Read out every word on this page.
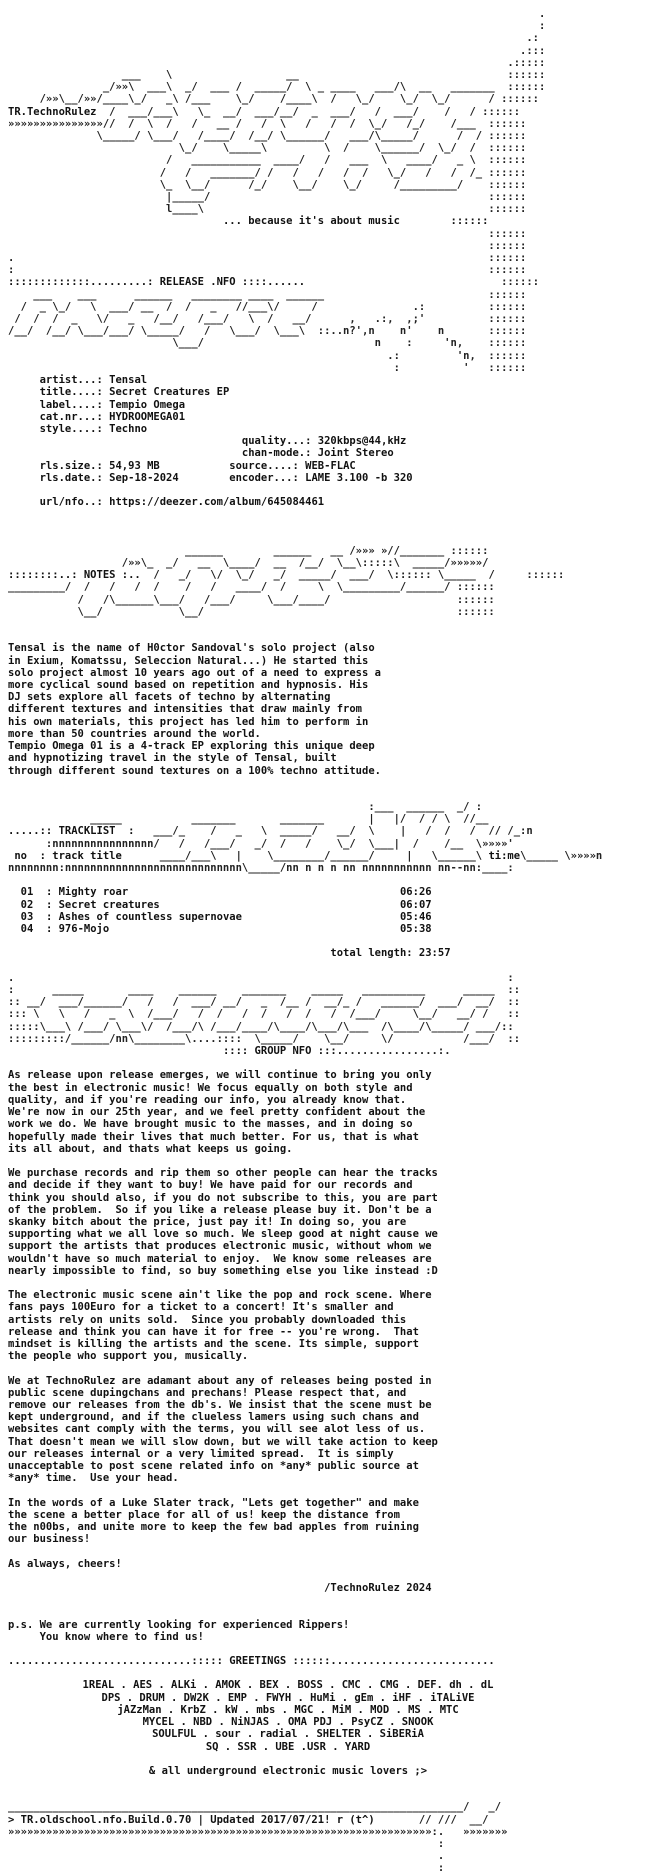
.
:
.:
.:::
.:::::
___    \                  __                                 ::::::
_/»»\  ___\  _/  ___ /  _____/  \ _ ____   ___/\  __   _______  ::::::
/»»\__/»»/____\_/   _\ /___    \_/    /____\  /   \_/    \_/  \_/      / ::::::
TR.TechnoRulez  /  ___/___\   \_  __/  ___/__/  _  ___/   /  ___/    /   / ::::::
»»»»»»»»»»»»»»»//  /  \  /   /   __ /   /  \   /   /  /  \_/   /_/    /___  ::::::
\_____/ \___/   /____/  /__/ \______/   ___/\_____/      /  / ::::::
\_/    \_____\         \  /    \______/  \_/  /  ::::::
/   ___________  ____/   /   ___  \   ____/   _ \  ::::::
/   /   _______/ /   /   /   /  /   \_/   /   /  /_ ::::::
\_  \__/      /_/    \__/    \_/     /_________/    ::::::
|_____/                                            ::::::
l____\                                             ::::::
... because it's about music        ::::::
::::::
::::::
.                                                                           ::::::
:                                                                           ::::::
:::::::::::::.........: RELEASE .NFO ::::......                               ::::::
___    ___      ______   ________ ____  ______                          ::::::
/  _ \_/   \  ___/ __  /  /   _   //___\/     /               .:          ::::::
/  /  /  _   \/   _   /__/   /___/   \  /   __/      ,   .:,  ,;'          ::::::
/__/  /__/ \___/___/ \_____/   /   \___/  \___\  ::..n?',n    n'    n       ::::::
\___/                           n    :     'n,    ::::::
.:         'n,  ::::::
:          '   ::::::
artist...: Tensal
title....: Secret Creatures EP
label....: Tempio Omega
cat.nr...: HYDROOMEGA01
style....: Techno
quality...: 320kbps@44,kHz
chan-mode.: Joint Stereo
rls.size.: 54,93 MB	source....: WEB-FLAC
rls.date.: Sep-18-2024	encoder...: LAME 3.100 -b 320
url/nfo..: https://deezer.com/album/645084461
______        ______   __ /»»» »//_______ ::::::
/»»\_  _/   __  \____/  __  /__/  \__\:::::\  _____/»»»»»/
::::::::..: NOTES :..  /   _/   \/  \_/   _/  _____/  ___/  \:::::: \_____  /     ::::::
_________/  /   /   /  /    /   /   ____/  /     \  \_________/______/ ::::::
/   /\______\___/   /___/     \___/____/                    ::::::
\__/            \__/                                        ::::::
Tensal is the name of H0ctor Sandoval's solo project (also
in Exium, Komatssu, Seleccion Natural...) He started this
solo project almost 10 years ago out of a need to express a
more cyclical sound based on repetition and hypnosis. His
DJ sets explore all facets of techno by alternating
different textures and intensities that draw mainly from
his own materials, this project has led him to perform in
more than 50 countries around the world.
Tempio Omega 01 is a 4-track EP exploring this unique deep
and hypnotizing travel in the style of Tensal, built
through different sound textures on a 100% techno attitude.
:___  ______  _/ :
_____           _______       _______       |   |/  / / \  //__
.....:: TRACKLIST  :   ___/_    /   _   \  _____/   __/  \    |   /  /   /  // /_:n
:nnnnnnnnnnnnnnnn/   /   /___/   _/  /   /    \_/  \___|  /    /__  \»»»»'
no  : track title      ____/___\   |    \________/______/     |   \______\ ti:me\_____ \»»»»n
nnnnnnnn:nnnnnnnnnnnnnnnnnnnnnnnnnnnn\_____/nn n n n nn nnnnnnnnnnn nn--nn:____:
01  : Mighty roar	06:26
02  : Secret creatures	06:07
03  : Ashes of countless supernovae	05:46
04  : 976-Mojo	05:38
total length: 23:57
.                                                                              :
:      _____       ____    ______    _______    _____   __________      _____  ::
:: __/  ___/______/   /   /  ___/ __/   _  /__ /  __/_ /   ______/  ___/  __/  ::
::: \   \   /   _  \  /___/   /  /   /  /   /  /   /  /___/     \__/   __/ /   ::
:::::\___\ /___/ \___\/  /___/\ /___/____/\____/\___/\___  /\____/\_____/ ___/::
:::::::::/______/nn\________\....::::  \_____/    \__/     \/           /___/  ::
:::: GROUP NFO :::................:.
As release upon release emerges, we will continue to bring you only
the best in electronic music! We focus equally on both style and
quality, and if you're reading our info, you already know that.
We're now in our 25th year, and we feel pretty confident about the
work we do. We have brought music to the masses, and in doing so
hopefully made their lives that much better. For us, that is what
its all about, and thats what keeps us going.
We purchase records and rip them so other people can hear the tracks
and decide if they want to buy! We have paid for our records and
think you should also, if you do not subscribe to this, you are part
of the problem.  So if you like a release please buy it. Don't be a
skanky bitch about the price, just pay it! In doing so, you are
supporting what we all love so much. We sleep good at night cause we
support the artists that produces electronic music, without whom we
wouldn't have so much material to enjoy.  We know some releases are
nearly impossible to find, so buy something else you like instead :D
The electronic music scene ain't like the pop and rock scene. Where
fans pays 100Euro for a ticket to a concert! It's smaller and
artists rely on units sold.  Since you probably downloaded this
release and think you can have it for free -- you're wrong.  That
mindset is killing the artists and the scene. Its simple, support
the people who support you, musically.
We at TechnoRulez are adamant about any of releases being posted in
public scene dupingchans and prechans! Please respect that, and
remove our releases from the db's. We insist that the scene must be
kept underground, and if the clueless lamers using such chans and
websites cant comply with the terms, you will see alot less of us.
That doesn't mean we will slow down, but we will take action to keep
our releases internal or a very limited spread.  It is simply
unacceptable to post scene related info on *any* public source at
*any* time.  Use your head.
In the words of a Luke Slater track, "Lets get together" and make
the scene a better place for all of us! keep the distance from
the n00bs, and unite more to keep the few bad apples from ruining
our business!
As always, cheers!
/TechnoRulez 2024
p.s. We are currently looking for experienced Rippers!
You know where to find us!
.............................::::: GREETINGS ::::::..........................
1REAL . AES . ALKi . AMOK . BEX . BOSS . CMC . CMG . DEF. dh . dL
DPS . DRUM . DW2K . EMP . FWYH . HuMi . gEm . iHF . iTALiVE
jAZzMan . KrbZ . kW . mbs . MGC . MiM . MOD . MS . MTC
MYCEL . NBD . NiNJAS . OMA PDJ . PsyCZ . SNOOK
SOULFUL . sour . radial . SHELTER . SiBERiA
SQ . SSR . UBE .USR . YARD
& all underground electronic music lovers ;>
________________________________________________________________________/   _/
> TR.oldschool.nfo.Build.0.70 | Updated 2017/07/21! r (t^)       // ///  __/
»»»»»»»»»»»»»»»»»»»»»»»»»»»»»»»»»»»»»»»»»»»»»»»»»»»»»»»»»»»»»»»»»»»:.   »»»»»»»
:
.
:
